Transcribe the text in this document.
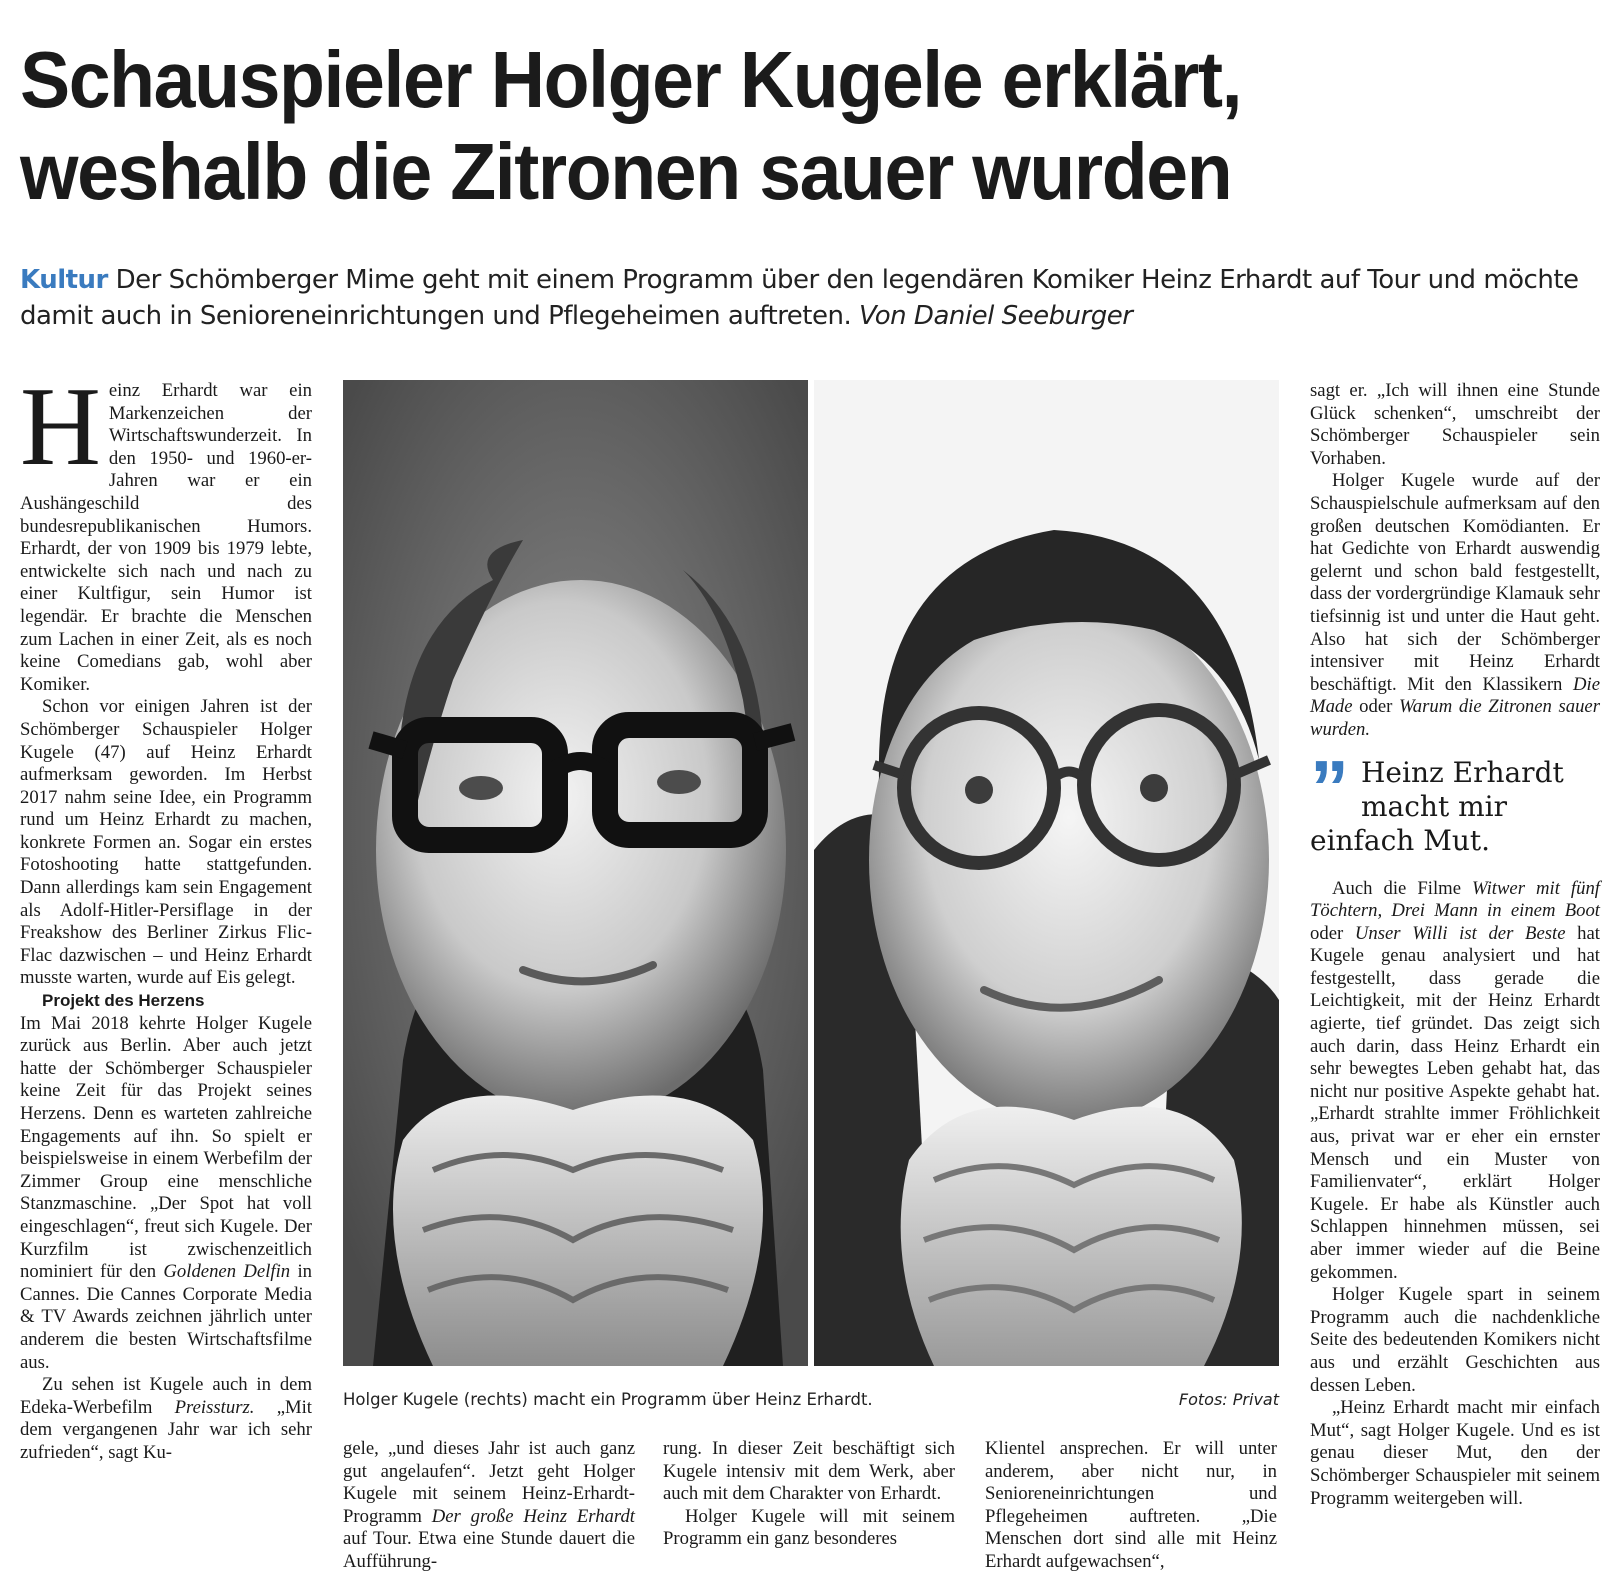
Schauspieler Holger Kugele erklärt,
weshalb die Zitronen sauer wurden
Kultur Der Schömberger Mime geht mit einem Programm über den legendären Komiker Heinz Erhardt auf Tour und möchte damit auch in Senioreneinrichtungen und Pflegeheimen auftreten. Von Daniel Seeburger

Heinz Erhardt war ein Markenzeichen der Wirtschaftswunderzeit. In den 1950- und 1960-er-Jahren war er ein Aushängeschild des bundesrepublikanischen Humors. Erhardt, der von 1909 bis 1979 lebte, entwickelte sich nach und nach zu einer Kultfigur, sein Humor ist legendär. Er brachte die Menschen zum Lachen in einer Zeit, als es noch keine Comedians gab, wohl aber Komiker.

Schon vor einigen Jahren ist der Schömberger Schauspieler Holger Kugele (47) auf Heinz Erhardt aufmerksam geworden. Im Herbst 2017 nahm seine Idee, ein Programm rund um Heinz Erhardt zu machen, konkrete Formen an. Sogar ein erstes Fotoshooting hatte stattgefunden. Dann allerdings kam sein Engagement als Adolf-Hitler-Persiflage in der Freakshow des Berliner Zirkus Flic-Flac dazwischen – und Heinz Erhardt musste warten, wurde auf Eis gelegt.

Projekt des Herzens

Im Mai 2018 kehrte Holger Kugele zurück aus Berlin. Aber auch jetzt hatte der Schömberger Schauspieler keine Zeit für das Projekt seines Herzens. Denn es warteten zahlreiche Engagements auf ihn. So spielt er beispielsweise in einem Werbefilm der Zimmer Group eine menschliche Stanzmaschine. „Der Spot hat voll eingeschlagen“, freut sich Kugele. Der Kurzfilm ist zwischenzeitlich nominiert für den Goldenen Delfin in Cannes. Die Cannes Corporate Media & TV Awards zeichnen jährlich unter anderem die besten Wirtschaftsfilme aus.

Zu sehen ist Kugele auch in dem Edeka-Werbefilm Preissturz. „Mit dem vergangenen Jahr war ich sehr zufrieden“, sagt Ku-

Holger Kugele (rechts) macht ein Programm über Heinz Erhardt.	Fotos: Privat

gele, „und dieses Jahr ist auch ganz gut angelaufen“. Jetzt geht Holger Kugele mit seinem Heinz-Erhardt-Programm Der große Heinz Erhardt auf Tour. Etwa eine Stunde dauert die Aufführung-

rung. In dieser Zeit beschäftigt sich Kugele intensiv mit dem Werk, aber auch mit dem Charakter von Erhardt.

Holger Kugele will mit seinem Programm ein ganz besonderes

Klientel ansprechen. Er will unter anderem, aber nicht nur, in Senioreneinrichtungen und Pflegeheimen auftreten. „Die Menschen dort sind alle mit Heinz Erhardt aufgewachsen“,

sagt er. „Ich will ihnen eine Stunde Glück schenken“, umschreibt der Schömberger Schauspieler sein Vorhaben.

Holger Kugele wurde auf der Schauspielschule aufmerksam auf den großen deutschen Komödianten. Er hat Gedichte von Erhardt auswendig gelernt und schon bald festgestellt, dass der vordergründige Klamauk sehr tiefsinnig ist und unter die Haut geht. Also hat sich der Schömberger intensiver mit Heinz Erhardt beschäftigt. Mit den Klassikern Die Made oder Warum die Zitronen sauer wurden.

” Heinz Erhardt macht mir einfach Mut.

Auch die Filme Witwer mit fünf Töchtern, Drei Mann in einem Boot oder Unser Willi ist der Beste hat Kugele genau analysiert und hat festgestellt, dass gerade die Leichtigkeit, mit der Heinz Erhardt agierte, tief gründet. Das zeigt sich auch darin, dass Heinz Erhardt ein sehr bewegtes Leben gehabt hat, das nicht nur positive Aspekte gehabt hat. „Erhardt strahlte immer Fröhlichkeit aus, privat war er eher ein ernster Mensch und ein Muster von Familienvater“, erklärt Holger Kugele. Er habe als Künstler auch Schlappen hinnehmen müssen, sei aber immer wieder auf die Beine gekommen.

Holger Kugele spart in seinem Programm auch die nachdenkliche Seite des bedeutenden Komikers nicht aus und erzählt Geschichten aus dessen Leben.

„Heinz Erhardt macht mir einfach Mut“, sagt Holger Kugele. Und es ist genau dieser Mut, den der Schömberger Schauspieler mit seinem Programm weitergeben will.
